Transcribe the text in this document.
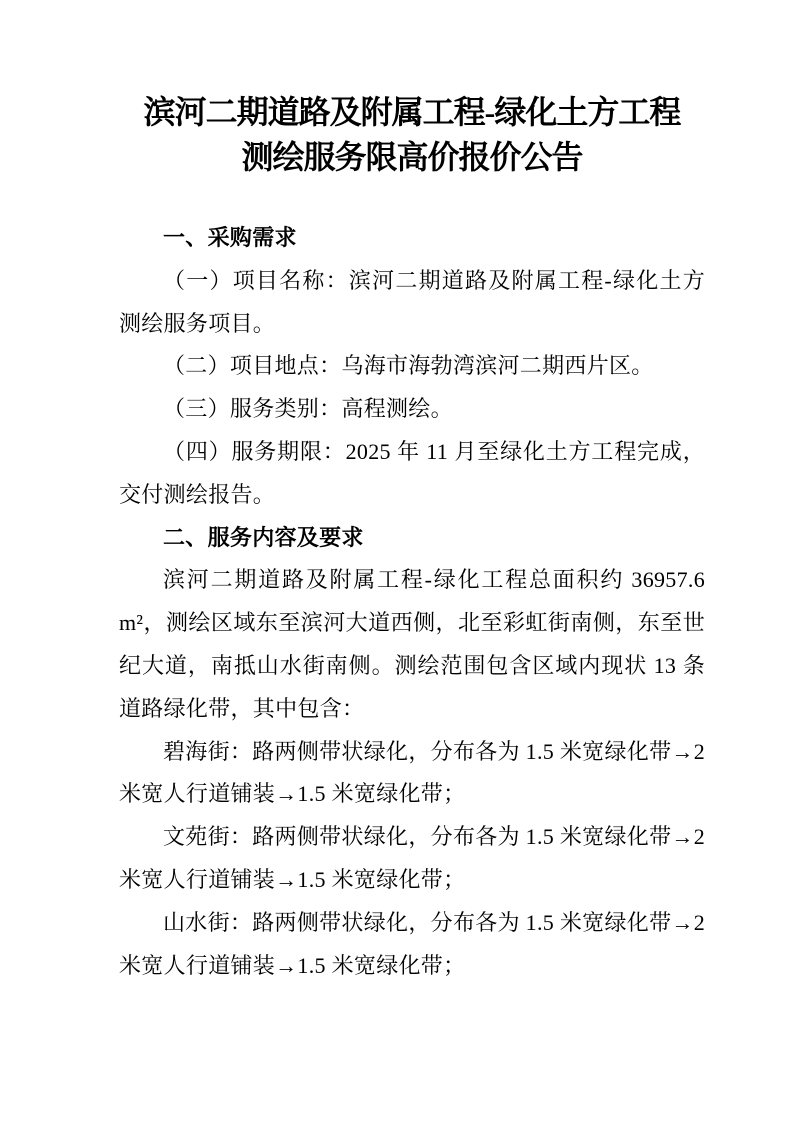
滨河二期道路及附属工程-绿化土方工程
测绘服务限高价报价公告
一、采购需求

（一）项目名称：滨河二期道路及附属工程-绿化土方测绘服务项目。

（二）项目地点：乌海市海勃湾滨河二期西片区。

（三）服务类别：高程测绘。

（四）服务期限：2025 年 11 月至绿化土方工程完成，交付测绘报告。

二、服务内容及要求

滨河二期道路及附属工程-绿化工程总面积约 36957.6 m²，测绘区域东至滨河大道西侧，北至彩虹街南侧，东至世纪大道，南抵山水街南侧。测绘范围包含区域内现状 13 条道路绿化带，其中包含：

碧海街：路两侧带状绿化，分布各为 1.5 米宽绿化带→2 米宽人行道铺装→1.5 米宽绿化带；

文苑街：路两侧带状绿化，分布各为 1.5 米宽绿化带→2 米宽人行道铺装→1.5 米宽绿化带；

山水街：路两侧带状绿化，分布各为 1.5 米宽绿化带→2 米宽人行道铺装→1.5 米宽绿化带；
